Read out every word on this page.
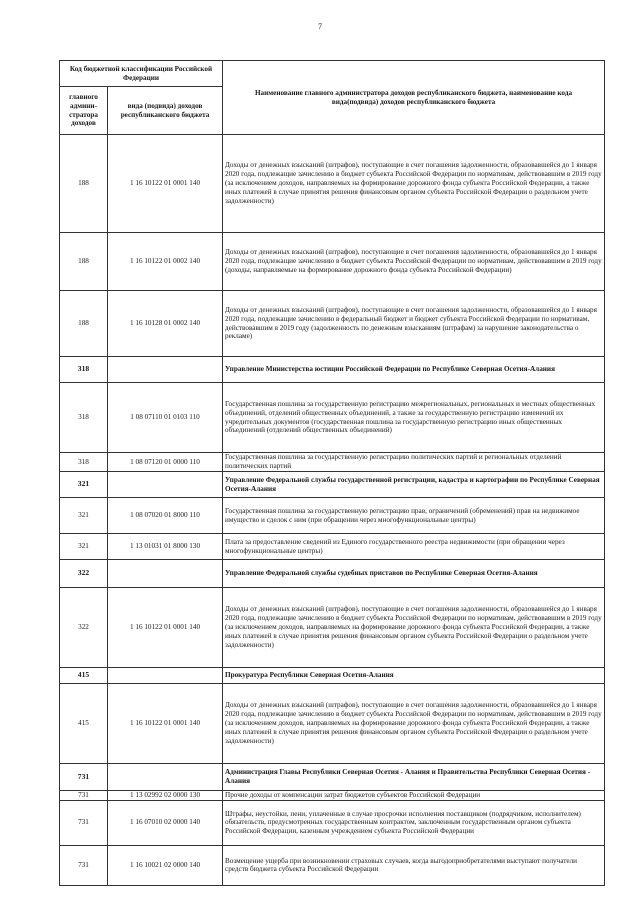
7
Код бюджетной классификации Российской Федерации		Наименование главного администратора доходов республиканского бюджета, наименование кода вида(подвида) доходов республиканского бюджета
главного админи-стратора доходов	вида (подвида) доходов республиканского бюджета	
188	1 16 10122 01 0001 140	Доходы от денежных взысканий (штрафов), поступающие в счет погашения задолженности, образовавшейся до 1 января 2020 года, подлежащие зачислению в бюджет субъекта Российской Федерации по нормативам, действовавшим в 2019 году (за исключением доходов, направляемых на формирование дорожного фонда субъекта Российской Федерации, а также иных платежей в случае принятия решения финансовым органом субъекта Российской Федерации о раздельном учете задолженности)
188	1 16 10122 01 0002 140	Доходы от денежных взысканий (штрафов), поступающие в счет погашения задолженности, образовавшейся до 1 января 2020 года, подлежащие зачислению в бюджет субъекта Российской Федерации по нормативам, действовавшим в 2019 году (доходы, направляемые на формирование дорожного фонда субъекта Российской Федерации)
188	1 16 10128 01 0002 140	Доходы от денежных взысканий (штрафов), поступающие в счет погашения задолженности, образовавшейся до 1 января 2020 года, подлежащие зачислению в федеральный бюджет и бюджет субъекта Российской Федерации по нормативам, действовавшим в 2019 году (задолженность по денежным взысканиям (штрафам) за нарушение законодательства о рекламе)
318		Управление Министерства юстиции Российской Федерации по Республике Северная Осетия-Алания
318	1 08 07110 01 0103 110	Государственная пошлина за государственную регистрацию межрегиональных, региональных и местных общественных объединений, отделений общественных объединений, а также за государственную регистрацию изменений их учредительных документов (государственная пошлина за государственную регистрацию иных общественных объединений (отделений общественных объединений)
318	1 08 07120 01 0000 110	Государственная пошлина за государственную регистрацию политических партий и региональных отделений политических партий
321		Управление Федеральной службы государственной регистрации, кадастра и картографии по Республике Северная Осетия-Алания
321	1 08 07020 01 8000 110	Государственная пошлина за государственную регистрацию прав, ограничений (обременений) прав на недвижимое имущество и сделок с ним (при обращении через многофункциональные центры)
321	1 13 01031 01 8000 130	Плата за предоставление сведений из Единого государственного реестра недвижимости (при обращении через многофункциональные центры)
322		Управление Федеральной службы судебных приставов по Республике Северная Осетия-Алания
322	1 16 10122 01 0001 140	Доходы от денежных взысканий (штрафов), поступающие в счет погашения задолженности, образовавшейся до 1 января 2020 года, подлежащие зачислению в бюджет субъекта Российской Федерации по нормативам, действовавшим в 2019 году (за исключением доходов, направляемых на формирование дорожного фонда субъекта Российской Федерации, а также иных платежей в случае принятия решения финансовым органом субъекта Российской Федерации о раздельном учете задолженности)
415		Прокуратура Республики Северная Осетия-Алания
415	1 16 10122 01 0001 140	Доходы от денежных взысканий (штрафов), поступающие в счет погашения задолженности, образовавшейся до 1 января 2020 года, подлежащие зачислению в бюджет субъекта Российской Федерации по нормативам, действовавшим в 2019 году (за исключением доходов, направляемых на формирование дорожного фонда субъекта Российской Федерации, а также иных платежей в случае принятия решения финансовым органом субъекта Российской Федерации о раздельном учете задолженности)
731		Администрация Главы Республики Северная Осетия - Алания и Правительства Республики Северная Осетия - Алания
731	1 13 02992 02 0000 130	Прочие доходы от компенсации затрат бюджетов субъектов Российской Федерации
731	1 16 07010 02 0000 140	Штрафы, неустойки, пени, уплаченные в случае просрочки исполнения поставщиком (подрядчиком, исполнителем) обязательств, предусмотренных государственным контрактом, заключенным государственным органом субъекта Российской Федерации, казенным учреждением субъекта Российской Федерации
731	1 16 10021 02 0000 140	Возмещение ущерба при возникновении страховых случаев, когда выгодоприобретателями выступают получатели средств бюджета субъекта Российской Федерации
